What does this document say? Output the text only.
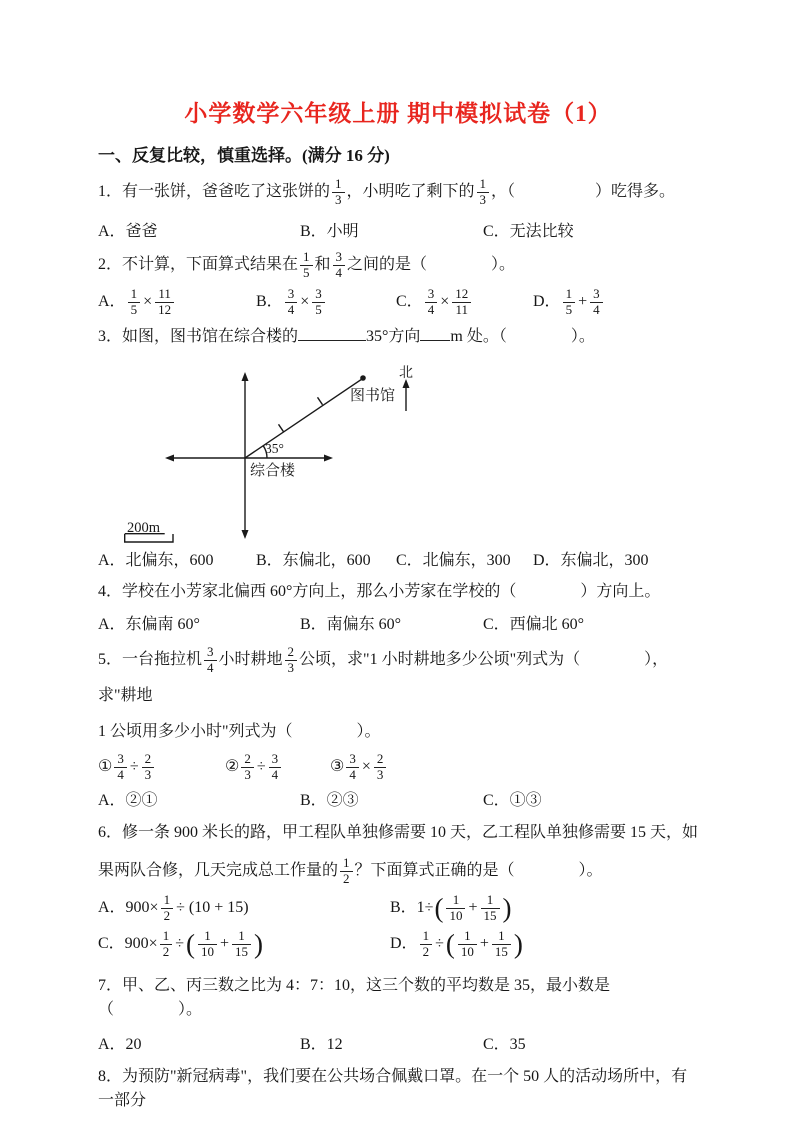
小学数学六年级上册 期中模拟试卷（1）

一、反复比较，慎重选择。(满分 16 分)

1．有一张饼，爸爸吃了这张饼的 $\frac{1}{3}$ ，小明吃了剩下的 $\frac{1}{3}$ ，（　　　　　）吃得多。

A．爸爸	B．小明	C．无法比较

2．不计算，下面算式结果在 $\frac{1}{5}$ 和 $\frac{3}{4}$ 之间的是（　　　　）。

A． $\frac{1}{5} \times \frac{11}{12}$	B． $\frac{3}{4} \times \frac{3}{5}$	C． $\frac{3}{4} \times \frac{12}{11}$	D． $\frac{1}{5} + \frac{3}{4}$

3．如图，图书馆在综合楼的	35°方向 m 处。（　　　　）。

综合楼
图书馆
北
35°
200m
A．北偏东，600	B．东偏北，600	C．北偏东，300	D．东偏北，300

4．学校在小芳家北偏西 60°方向上，那么小芳家在学校的（　　　　）方向上。

A．东偏南 60°	B．南偏东 60°	C．西偏北 60°

5．一台拖拉机 $\frac{3}{4}$ 小时耕地 $\frac{2}{3}$ 公顷，求"1 小时耕地多少公顷"列式为（　　　　），求"耕地
1 公顷用多少小时"列式为（　　　　）。

① $\frac{3}{4} \div \frac{2}{3}$	② $\frac{2}{3} \div \frac{3}{4}$	③ $\frac{3}{4} \times \frac{2}{3}$
A．②①	B．②③	C．①③

6．修一条 900 米长的路，甲工程队单独修需要 10 天，乙工程队单独修需要 15 天，如果两队合修，几天完成总工作量的 $\frac{1}{2}$ ？下面算式正确的是（　　　　）。

A．$900\times \frac{1}{2} \div (10 + 15)$	B．$1\div( \frac{1}{10} + \frac{1}{15}$ )
C．$900\times \frac{1}{2}$ ÷( $\frac{1}{10} + \frac{1}{15}$ )	D． $\frac{1}{2}$ ÷( $\frac{1}{10} + \frac{1}{15}$ )

7．甲、乙、丙三数之比为 4：7：10，这三个数的平均数是 35，最小数是（　　　　）。

A．20	B．12	C．35

8．为预防"新冠病毒"，我们要在公共场合佩戴口罩。在一个 50 人的活动场所中，有一部分
